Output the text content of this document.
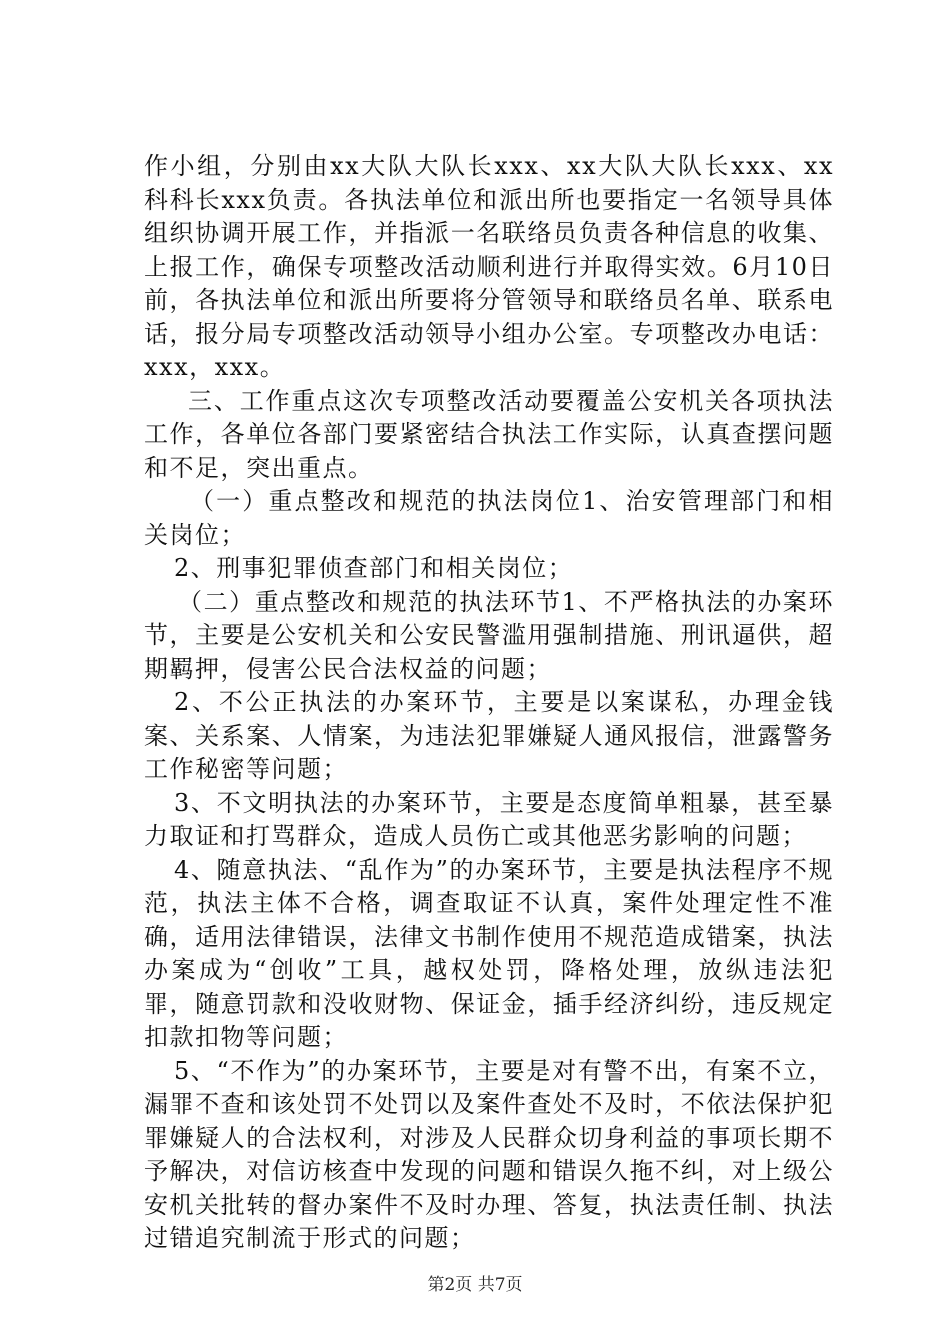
作小组，分别由xx大队大队长xxx、xx大队大队长xxx、xx科科长xxx负责。各执法单位和派出所也要指定一名领导具体组织协调开展工作，并指派一名联络员负责各种信息的收集、上报工作，确保专项整改活动顺利进行并取得实效。6月10日前，各执法单位和派出所要将分管领导和联络员名单、联系电话，报分局专项整改活动领导小组办公室。专项整改办电话：xxx，xxx。

三、工作重点这次专项整改活动要覆盖公安机关各项执法工作，各单位各部门要紧密结合执法工作实际，认真查摆问题和不足，突出重点。

（一）重点整改和规范的执法岗位1、治安管理部门和相关岗位；

2、刑事犯罪侦查部门和相关岗位；

（二）重点整改和规范的执法环节1、不严格执法的办案环节，主要是公安机关和公安民警滥用强制措施、刑讯逼供，超期羁押，侵害公民合法权益的问题；

2、不公正执法的办案环节，主要是以案谋私，办理金钱案、关系案、人情案，为违法犯罪嫌疑人通风报信，泄露警务工作秘密等问题；

3、不文明执法的办案环节，主要是态度简单粗暴，甚至暴力取证和打骂群众，造成人员伤亡或其他恶劣影响的问题；

4、随意执法、“乱作为”的办案环节，主要是执法程序不规范，执法主体不合格，调查取证不认真，案件处理定性不准确，适用法律错误，法律文书制作使用不规范造成错案，执法办案成为“创收”工具，越权处罚，降格处理，放纵违法犯罪，随意罚款和没收财物、保证金，插手经济纠纷，违反规定扣款扣物等问题；

5、“不作为”的办案环节，主要是对有警不出，有案不立，漏罪不查和该处罚不处罚以及案件查处不及时，不依法保护犯罪嫌疑人的合法权利，对涉及人民群众切身利益的事项长期不予解决，对信访核查中发现的问题和错误久拖不纠，对上级公安机关批转的督办案件不及时办理、答复，执法责任制、执法过错追究制流于形式的问题；

第2页 共7页
